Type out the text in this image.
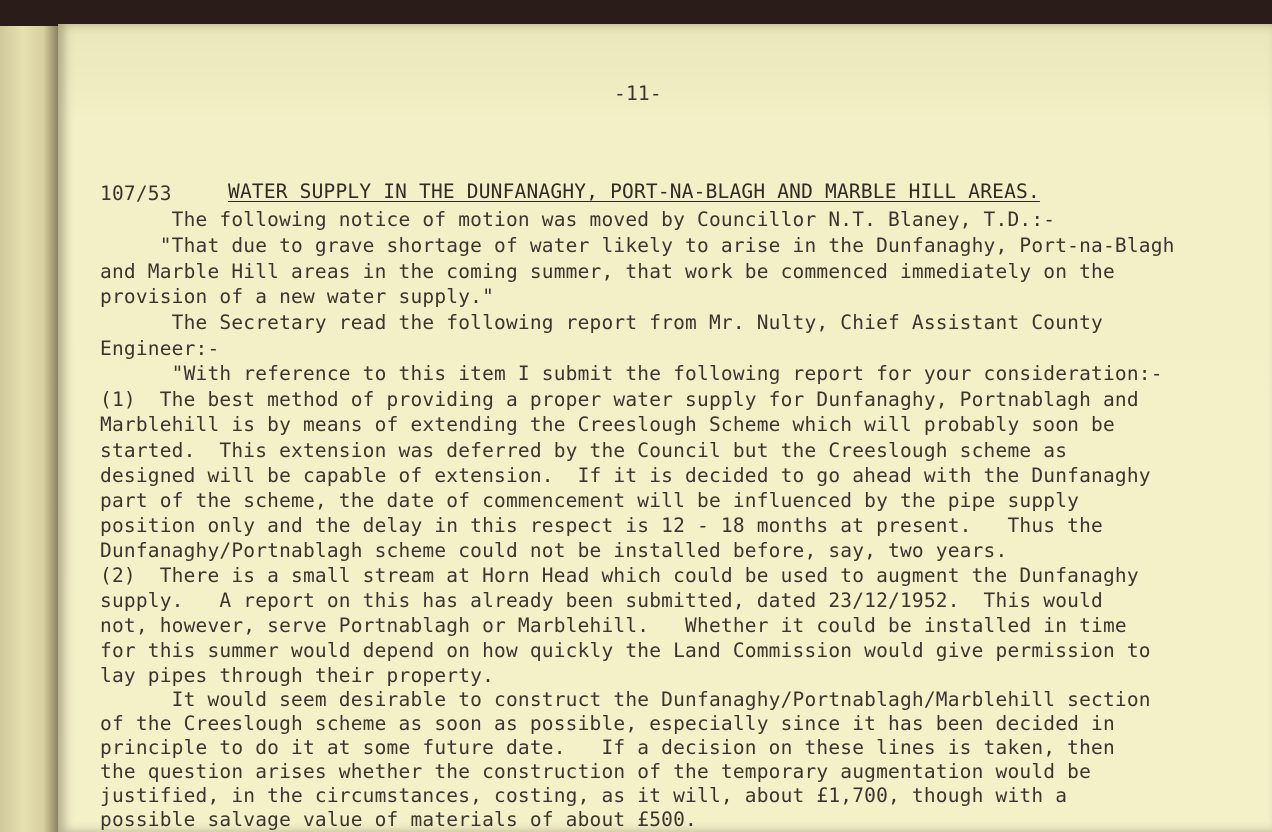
-11-
107/53	WATER SUPPLY IN THE DUNFANAGHY, PORT-NA-BLAGH AND MARBLE HILL AREAS.
The following notice of motion was moved by Councillor N.T. Blaney, T.D.:-
"That due to grave shortage of water likely to arise in the Dunfanaghy, Port-na-Blagh
and Marble Hill areas in the coming summer, that work be commenced immediately on the
provision of a new water supply."
The Secretary read the following report from Mr. Nulty, Chief Assistant County
Engineer:-
"With reference to this item I submit the following report for your consideration:-
(1)  The best method of providing a proper water supply for Dunfanaghy, Portnablagh and
Marblehill is by means of extending the Creeslough Scheme which will probably soon be
started.  This extension was deferred by the Council but the Creeslough scheme as
designed will be capable of extension.  If it is decided to go ahead with the Dunfanaghy
part of the scheme, the date of commencement will be influenced by the pipe supply
position only and the delay in this respect is 12 - 18 months at present.   Thus the
Dunfanaghy/Portnablagh scheme could not be installed before, say, two years.
(2)  There is a small stream at Horn Head which could be used to augment the Dunfanaghy
supply.   A report on this has already been submitted, dated 23/12/1952.  This would
not, however, serve Portnablagh or Marblehill.   Whether it could be installed in time
for this summer would depend on how quickly the Land Commission would give permission to
lay pipes through their property.
It would seem desirable to construct the Dunfanaghy/Portnablagh/Marblehill section
of the Creeslough scheme as soon as possible, especially since it has been decided in
principle to do it at some future date.   If a decision on these lines is taken, then
the question arises whether the construction of the temporary augmentation would be
justified, in the circumstances, costing, as it will, about £1,700, though with a
possible salvage value of materials of about £500.
